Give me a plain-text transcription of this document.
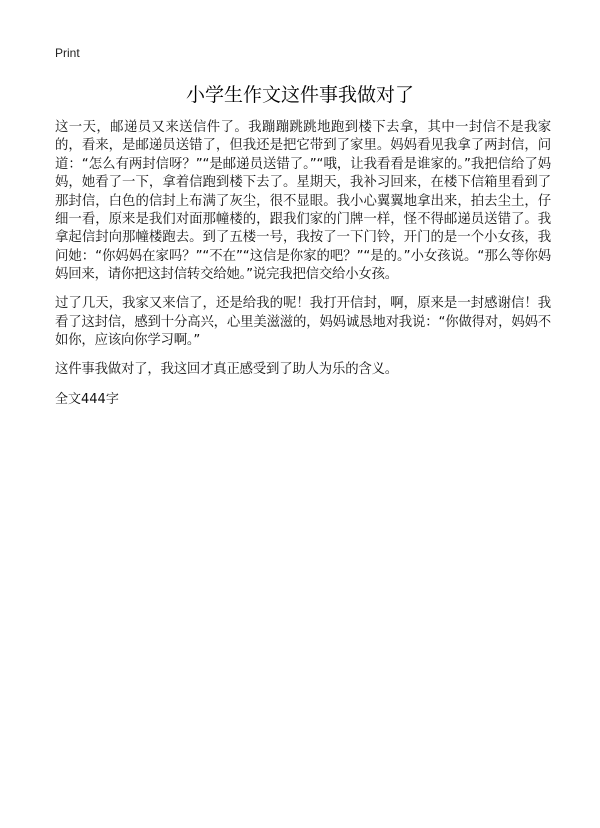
Print
小学生作文这件事我做对了

这一天，邮递员又来送信件了。我蹦蹦跳跳地跑到楼下去拿，其中一封信不是我家的，看来，是邮递员送错了，但我还是把它带到了家里。妈妈看见我拿了两封信，问道：“怎么有两封信呀？”“是邮递员送错了。”“哦，让我看看是谁家的。”我把信给了妈妈，她看了一下，拿着信跑到楼下去了。星期天，我补习回来，在楼下信箱里看到了那封信，白色的信封上布满了灰尘，很不显眼。我小心翼翼地拿出来，拍去尘土，仔细一看，原来是我们对面那幢楼的，跟我们家的门牌一样，怪不得邮递员送错了。我拿起信封向那幢楼跑去。到了五楼一号，我按了一下门铃，开门的是一个小女孩，我问她：“你妈妈在家吗？”“不在”“这信是你家的吧？”“是的。”小女孩说。“那么等你妈妈回来，请你把这封信转交给她。”说完我把信交给小女孩。

过了几天，我家又来信了，还是给我的呢！我打开信封，啊，原来是一封感谢信！我看了这封信，感到十分高兴，心里美滋滋的，妈妈诚恳地对我说：“你做得对，妈妈不如你，应该向你学习啊。”

这件事我做对了，我这回才真正感受到了助人为乐的含义。

全文444字
